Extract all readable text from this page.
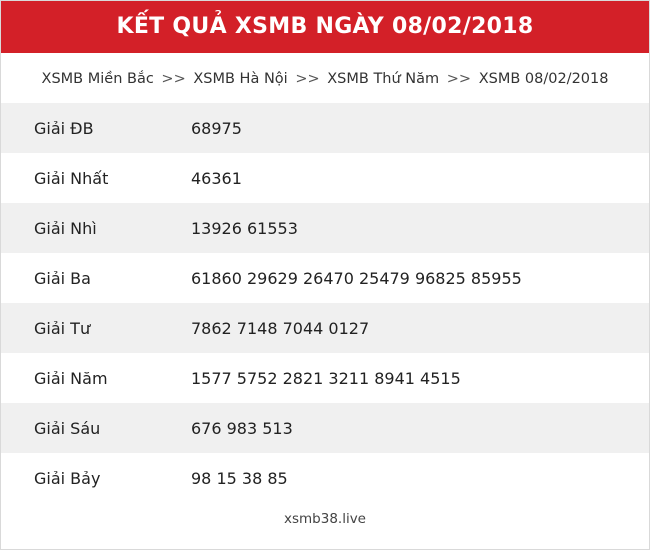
KẾT QUẢ XSMB NGÀY 08/02/2018
XSMB Miền Bắc >> XSMB Hà Nội >> XSMB Thứ Năm >> XSMB 08/02/2018
Giải ĐB	68975
Giải Nhất	46361
Giải Nhì	13926 61553
Giải Ba	61860 29629 26470 25479 96825 85955
Giải Tư	7862 7148 7044 0127
Giải Năm	1577 5752 2821 3211 8941 4515
Giải Sáu	676 983 513
Giải Bảy	98 15 38 85
xsmb38.live
